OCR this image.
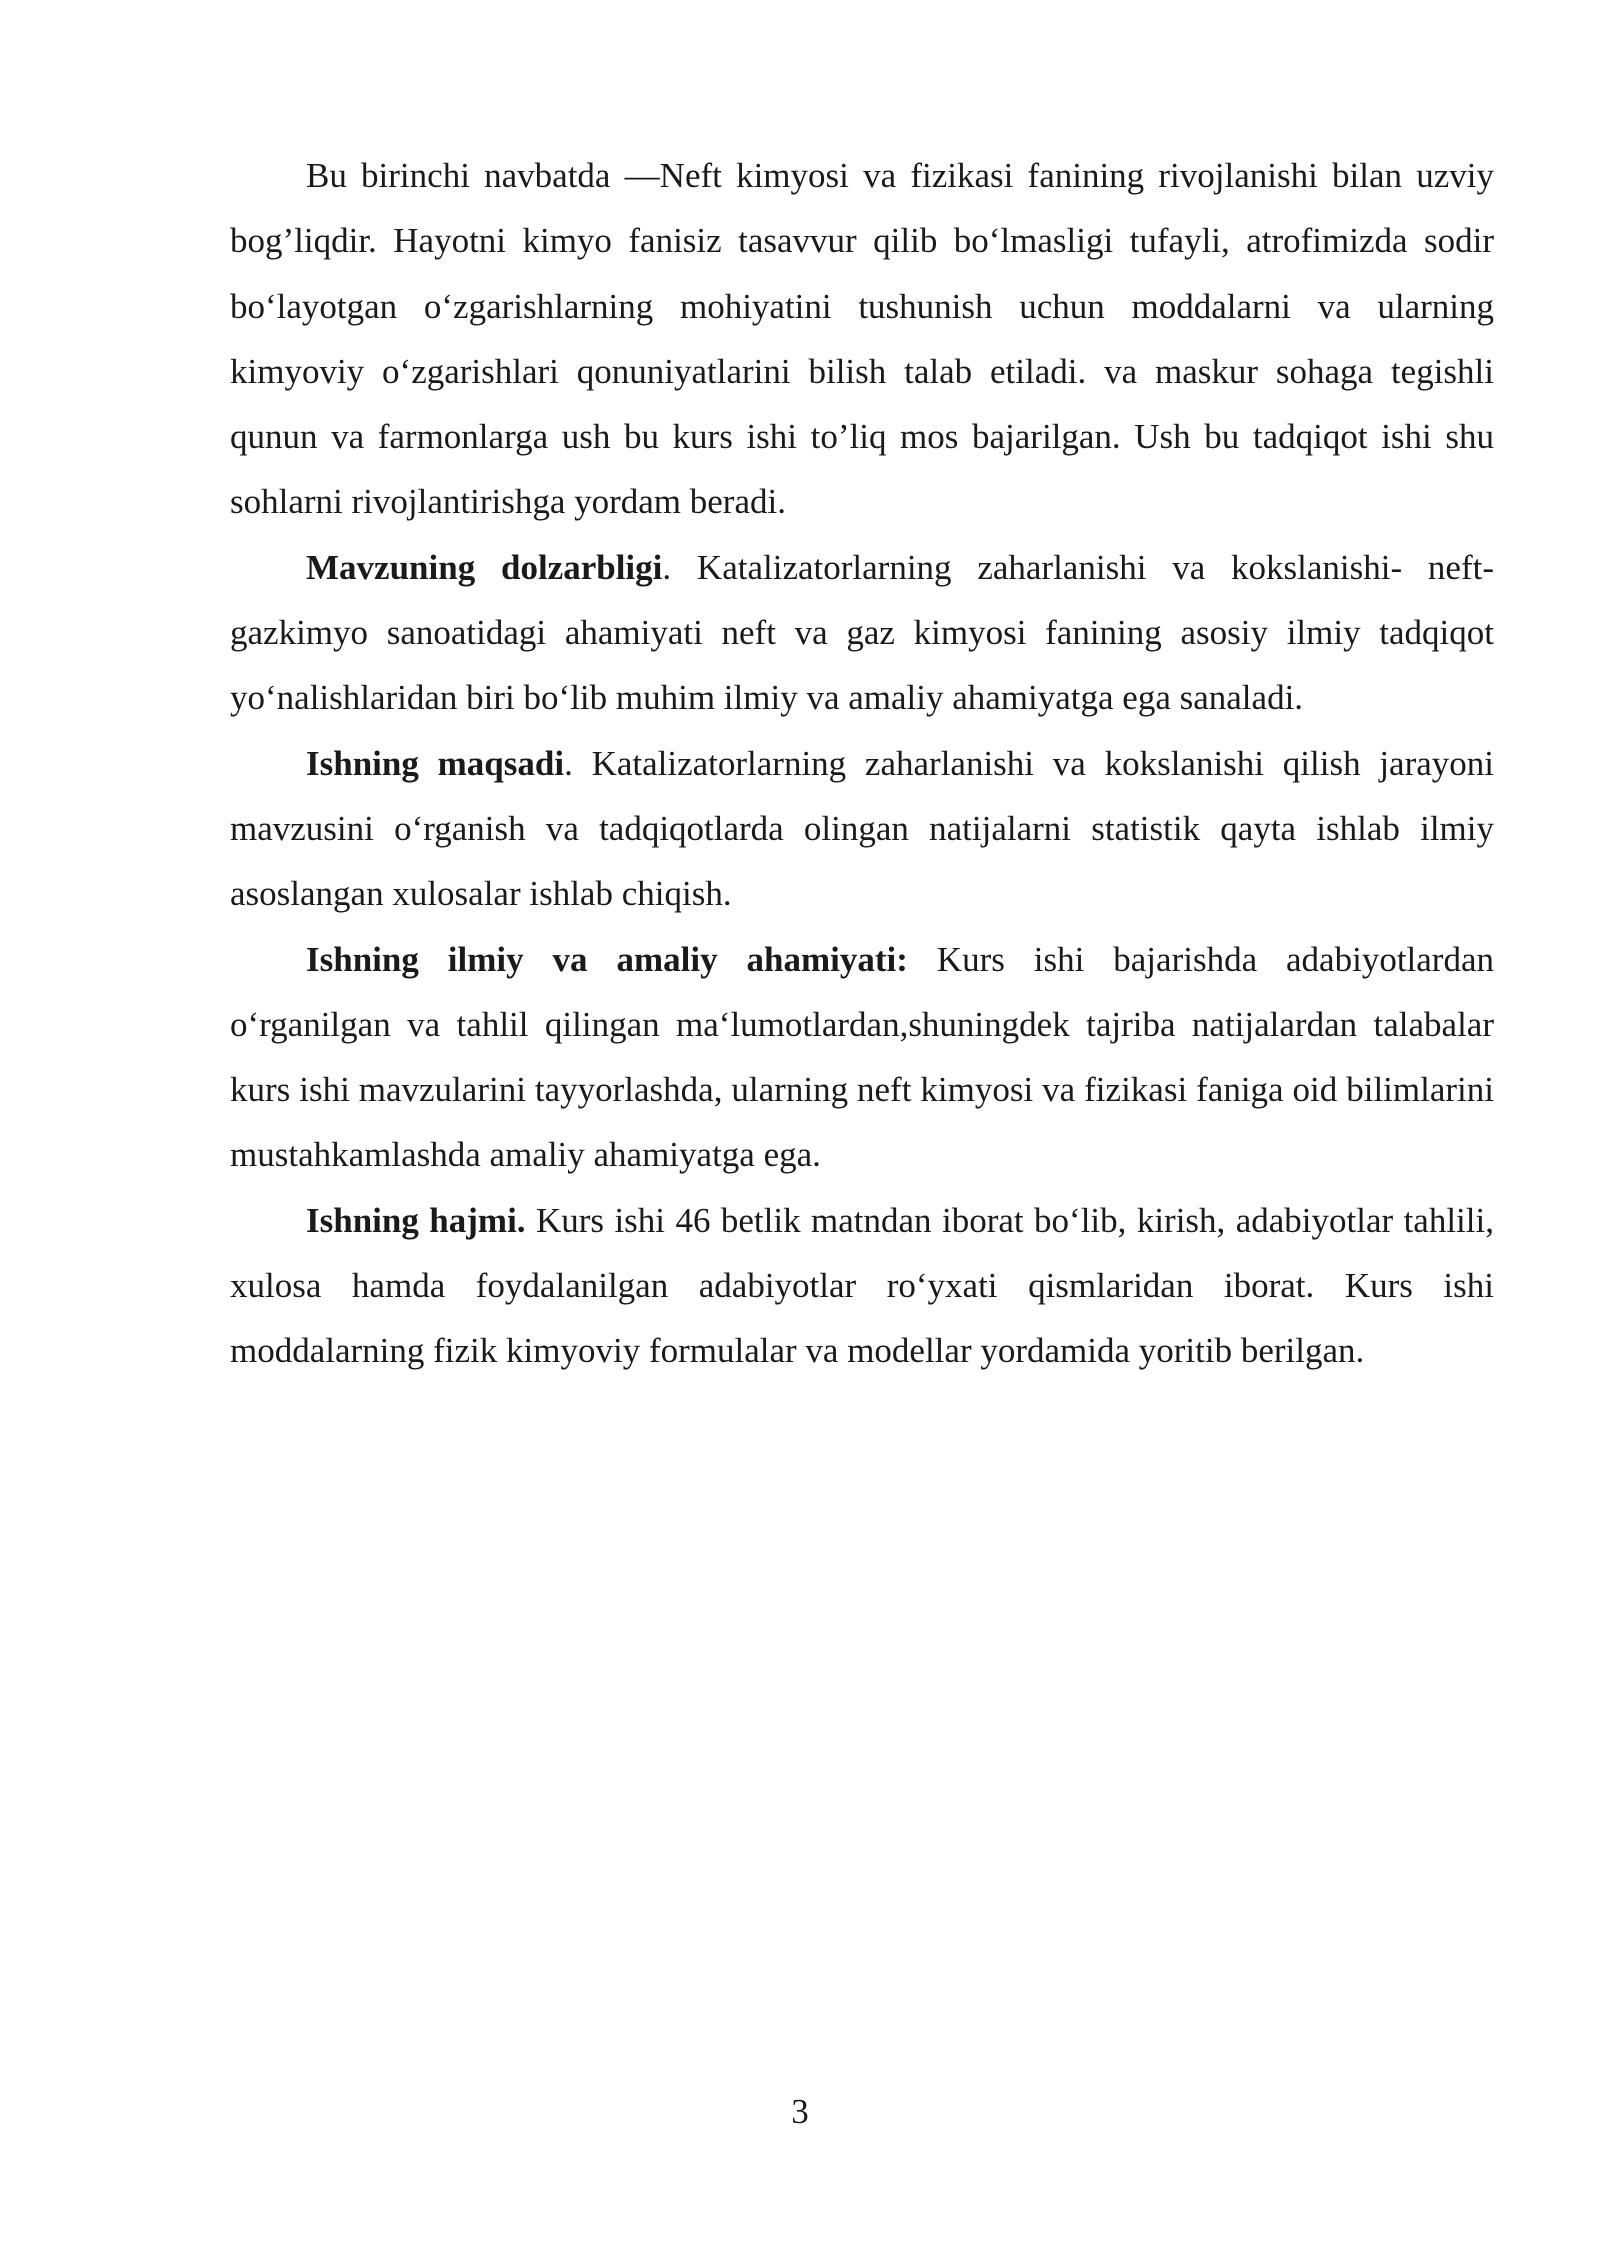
Bu birinchi navbatda —Neft kimyosi va fizikasi fanining rivojlanishi bilan uzviy bog’liqdir. Hayotni kimyo fanisiz tasavvur qilib bo‘lmasligi tufayli, atrofimizda sodir bo‘layotgan o‘zgarishlarning mohiyatini tushunish uchun moddalarni va ularning kimyoviy o‘zgarishlari qonuniyatlarini bilish talab etiladi. va maskur sohaga tegishli qunun va farmonlarga ush bu kurs ishi to’liq mos bajarilgan. Ush bu tadqiqot ishi shu sohlarni rivojlantirishga yordam beradi.

Mavzuning dolzarbligi. Katalizatorlarning zaharlanishi va kokslanishi- neft-gazkimyo sanoatidagi ahamiyati neft va gaz kimyosi fanining asosiy ilmiy tadqiqot yo‘nalishlaridan biri bo‘lib muhim ilmiy va amaliy ahamiyatga ega sanaladi.

Ishning maqsadi. Katalizatorlarning zaharlanishi va kokslanishi qilish jarayoni mavzusini o‘rganish va tadqiqotlarda olingan natijalarni statistik qayta ishlab ilmiy asoslangan xulosalar ishlab chiqish.

Ishning ilmiy va amaliy ahamiyati: Kurs ishi bajarishda adabiyotlardan o‘rganilgan va tahlil qilingan ma‘lumotlardan,shuningdek tajriba natijalardan talabalar kurs ishi mavzularini tayyorlashda, ularning neft kimyosi va fizikasi faniga oid bilimlarini mustahkamlashda amaliy ahamiyatga ega.

Ishning hajmi. Kurs ishi 46 betlik matndan iborat bo‘lib, kirish, adabiyotlar tahlili, xulosa hamda foydalanilgan adabiyotlar ro‘yxati qismlaridan iborat. Kurs ishi moddalarning fizik kimyoviy formulalar va modellar yordamida yoritib berilgan.

3
